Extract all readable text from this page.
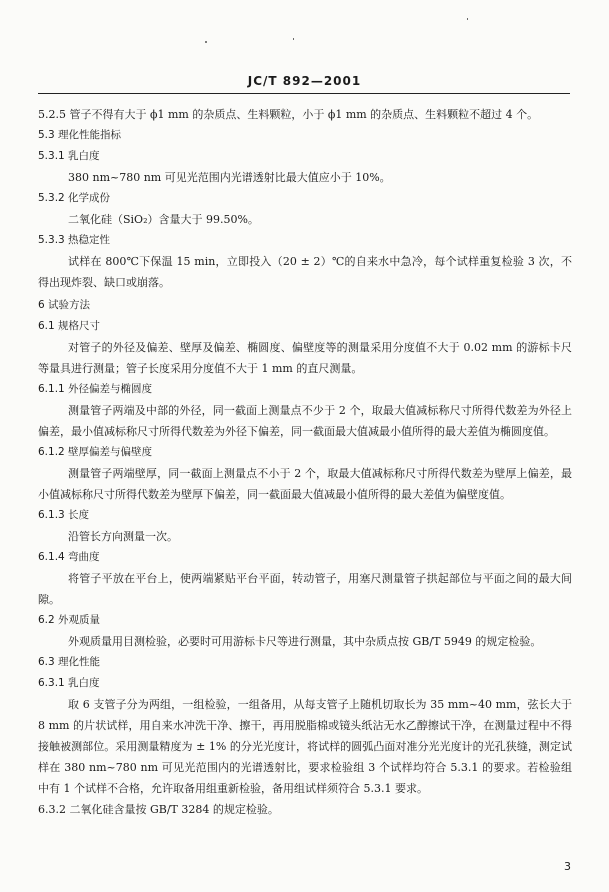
JC/T 892—2001
5.2.5 管子不得有大于 ϕ1 mm 的杂质点、生料颗粒，小于 ϕ1 mm 的杂质点、生料颗粒不超过 4 个。
5.3 理化性能指标
5.3.1 乳白度
380 nm~780 nm 可见光范围内光谱透射比最大值应小于 10%。
5.3.2 化学成份
二氧化硅（SiO₂）含量大于 99.50%。
5.3.3 热稳定性
试样在 800℃下保温 15 min，立即投入（20 ± 2）℃的自来水中急冷，每个试样重复检验 3 次，不得出现炸裂、缺口或崩落。
6 试验方法
6.1 规格尺寸
对管子的外径及偏差、壁厚及偏差、椭圆度、偏壁度等的测量采用分度值不大于 0.02 mm 的游标卡尺等量具进行测量；管子长度采用分度值不大于 1 mm 的直尺测量。
6.1.1 外径偏差与椭圆度
测量管子两端及中部的外径，同一截面上测量点不少于 2 个，取最大值减标称尺寸所得代数差为外径上偏差，最小值减标称尺寸所得代数差为外径下偏差，同一截面最大值减最小值所得的最大差值为椭圆度值。
6.1.2 壁厚偏差与偏壁度
测量管子两端壁厚，同一截面上测量点不小于 2 个，取最大值减标称尺寸所得代数差为壁厚上偏差，最小值减标称尺寸所得代数差为壁厚下偏差，同一截面最大值减最小值所得的最大差值为偏壁度值。
6.1.3 长度
沿管长方向测量一次。
6.1.4 弯曲度
将管子平放在平台上，使两端紧贴平台平面，转动管子，用塞尺测量管子拱起部位与平面之间的最大间隙。
6.2 外观质量
外观质量用目测检验，必要时可用游标卡尺等进行测量，其中杂质点按 GB/T 5949 的规定检验。
6.3 理化性能
6.3.1 乳白度
取 6 支管子分为两组，一组检验，一组备用，从每支管子上随机切取长为 35 mm~40 mm，弦长大于 8 mm 的片状试样，用自来水冲洗干净、擦干，再用脱脂棉或镜头纸沾无水乙醇擦试干净，在测量过程中不得接触被测部位。采用测量精度为 ± 1% 的分光光度计，将试样的圆弧凸面对准分光光度计的光孔狭缝，测定试样在 380 nm~780 nm 可见光范围内的光谱透射比，要求检验组 3 个试样均符合 5.3.1 的要求。若检验组中有 1 个试样不合格，允许取备用组重新检验，备用组试样须符合 5.3.1 要求。
6.3.2 二氧化硅含量按 GB/T 3284 的规定检验。
3
